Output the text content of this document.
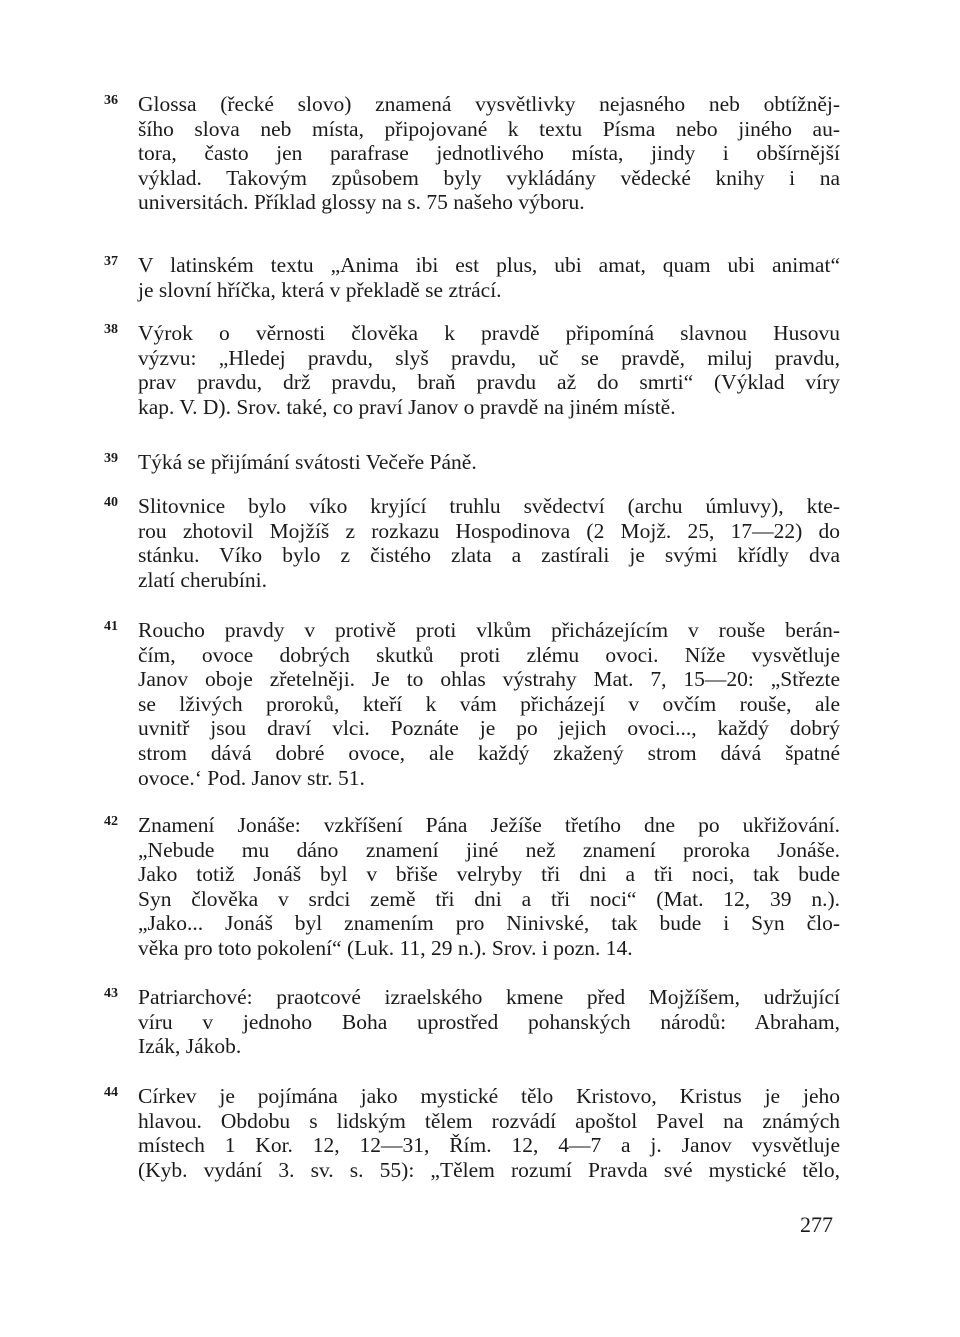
36 Glossa (řecké slovo) znamená vysvětlivky nejasného neb obtížněj-
šího slova neb místa, připojované k textu Písma nebo jiného au-
tora, často jen parafrase jednotlivého místa, jindy i obšírnější
výklad. Takovým způsobem byly vykládány vědecké knihy i na
universitách. Příklad glossy na s. 75 našeho výboru.
37 V latinském textu „Anima ibi est plus, ubi amat, quam ubi animat“
je slovní hříčka, která v překladě se ztrácí.
38 Výrok o věrnosti člověka k pravdě připomíná slavnou Husovu
výzvu: „Hledej pravdu, slyš pravdu, uč se pravdě, miluj pravdu,
prav pravdu, drž pravdu, braň pravdu až do smrti“ (Výklad víry
kap. V. D). Srov. také, co praví Janov o pravdě na jiném místě.
39 Týká se přijímání svátosti Večeře Páně.
40 Slitovnice bylo víko kryjící truhlu svědectví (archu úmluvy), kte-
rou zhotovil Mojžíš z rozkazu Hospodinova (2 Mojž. 25, 17—22) do
stánku. Víko bylo z čistého zlata a zastírali je svými křídly dva
zlatí cherubíni.
41 Roucho pravdy v protivě proti vlkům přicházejícím v rouše berán-
čím, ovoce dobrých skutků proti zlému ovoci. Níže vysvětluje
Janov oboje zřetelněji. Je to ohlas výstrahy Mat. 7, 15—20: „Střezte
se lživých proroků, kteří k vám přicházejí v ovčím rouše, ale
uvnitř jsou draví vlci. Poznáte je po jejich ovoci..., každý dobrý
strom dává dobré ovoce, ale každý zkažený strom dává špatné
ovoce.‘ Pod. Janov str. 51.
42 Znamení Jonáše: vzkříšení Pána Ježíše třetího dne po ukřižování.
„Nebude mu dáno znamení jiné než znamení proroka Jonáše.
Jako totiž Jonáš byl v břiše velryby tři dni a tři noci, tak bude
Syn člověka v srdci země tři dni a tři noci“ (Mat. 12, 39 n.).
„Jako... Jonáš byl znamením pro Ninivské, tak bude i Syn člo-
věka pro toto pokolení“ (Luk. 11, 29 n.). Srov. i pozn. 14.
43 Patriarchové: praotcové izraelského kmene před Mojžíšem, udržující
víru v jednoho Boha uprostřed pohanských národů: Abraham,
Izák, Jákob.
44 Církev je pojímána jako mystické tělo Kristovo, Kristus je jeho
hlavou. Obdobu s lidským tělem rozvádí apoštol Pavel na známých
místech 1 Kor. 12, 12—31, Řím. 12, 4—7 a j. Janov vysvětluje
(Kyb. vydání 3. sv. s. 55): „Tělem rozumí Pravda své mystické tělo,
277
